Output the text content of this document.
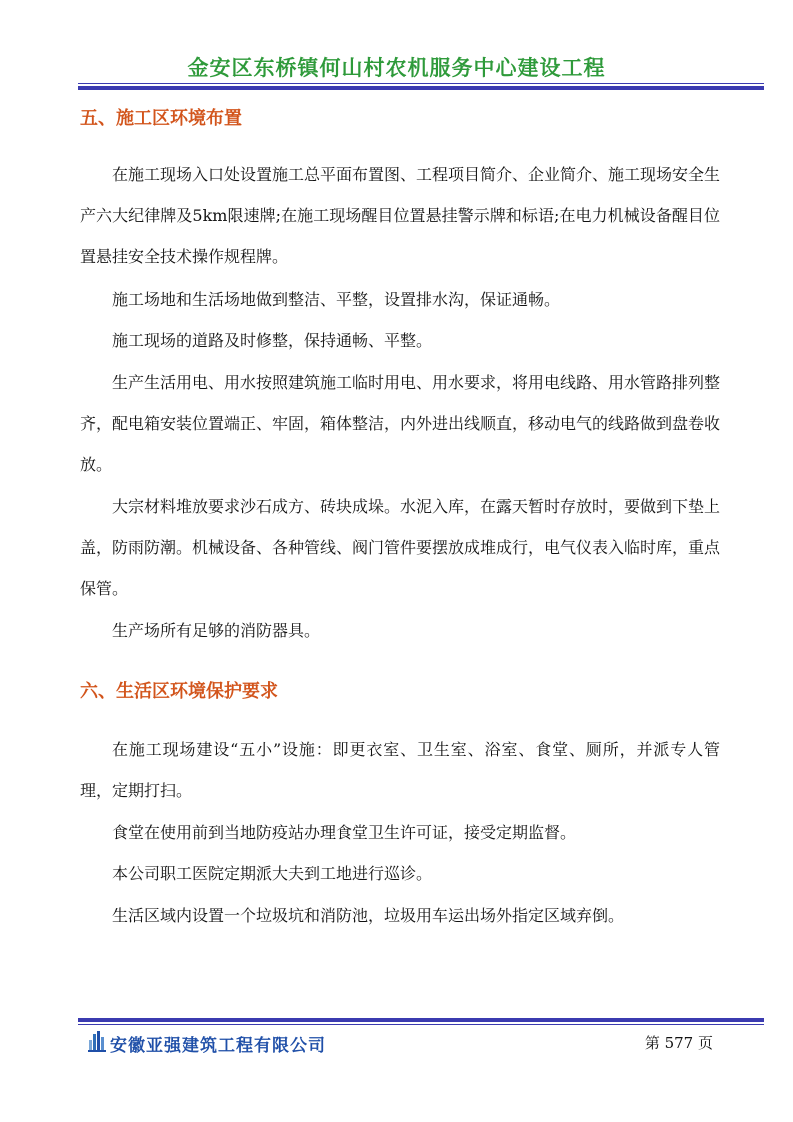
金安区东桥镇何山村农机服务中心建设工程
五、施工区环境布置

在施工现场入口处设置施工总平面布置图、工程项目简介、企业简介、施工现场安全生产六大纪律牌及5km限速牌;在施工现场醒目位置悬挂警示牌和标语;在电力机械设备醒目位置悬挂安全技术操作规程牌。

施工场地和生活场地做到整洁、平整，设置排水沟，保证通畅。

施工现场的道路及时修整，保持通畅、平整。

生产生活用电、用水按照建筑施工临时用电、用水要求，将用电线路、用水管路排列整齐，配电箱安装位置端正、牢固，箱体整洁，内外进出线顺直，移动电气的线路做到盘卷收放。

大宗材料堆放要求沙石成方、砖块成垛。水泥入库，在露天暂时存放时，要做到下垫上盖，防雨防潮。机械设备、各种管线、阀门管件要摆放成堆成行，电气仪表入临时库，重点保管。

生产场所有足够的消防器具。

六、生活区环境保护要求

在施工现场建设“五小”设施：即更衣室、卫生室、浴室、食堂、厕所，并派专人管理，定期打扫。

食堂在使用前到当地防疫站办理食堂卫生许可证，接受定期监督。

本公司职工医院定期派大夫到工地进行巡诊。

生活区域内设置一个垃圾坑和消防池，垃圾用车运出场外指定区域弃倒。

安徽亚强建筑工程有限公司	第 577 页
